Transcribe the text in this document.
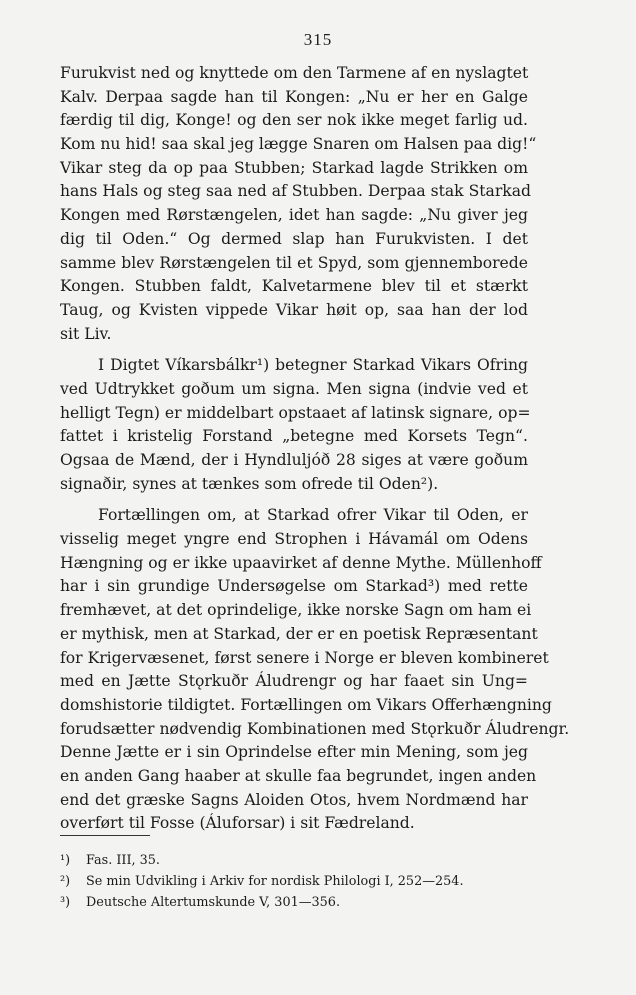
315

Furukvist ned og knyttede om den Tarmene af en nyslagtet
Kalv. Derpaa sagde han til Kongen: „Nu er her en Galge
færdig til dig, Konge! og den ser nok ikke meget farlig ud.
Kom nu hid! saa skal jeg lægge Snaren om Halsen paa dig!“
Vikar steg da op paa Stubben; Starkad lagde Strikken om
hans Hals og steg saa ned af Stubben. Derpaa stak Starkad
Kongen med Rørstængelen, idet han sagde: „Nu giver jeg
dig til Oden.“ Og dermed slap han Furukvisten. I det
samme blev Rørstængelen til et Spyd, som gjennemborede
Kongen. Stubben faldt, Kalvetarmene blev til et stærkt
Taug, og Kvisten vippede Vikar høit op, saa han der lod
sit Liv.

I Digtet Víkarsbálkr¹) betegner Starkad Vikars Ofring
ved Udtrykket goðum um signa. Men signa (indvie ved et
helligt Tegn) er middelbart opstaaet af latinsk signare, op=
fattet i kristelig Forstand „betegne med Korsets Tegn“.
Ogsaa de Mænd, der i Hyndluljóð 28 siges at være goðum
signaðir, synes at tænkes som ofrede til Oden²).

Fortællingen om, at Starkad ofrer Vikar til Oden, er
visselig meget yngre end Strophen i Hávamál om Odens
Hængning og er ikke upaavirket af denne Mythe. Müllenhoff
har i sin grundige Undersøgelse om Starkad³) med rette
fremhævet, at det oprindelige, ikke norske Sagn om ham ei
er mythisk, men at Starkad, der er en poetisk Repræsentant
for Krigervæsenet, først senere i Norge er bleven kombineret
med en Jætte Stǫrkuðr Áludrengr og har faaet sin Ung=
domshistorie tildigtet. Fortællingen om Vikars Offerhængning
forudsætter nødvendig Kombinationen med Stǫrkuðr Áludrengr.
Denne Jætte er i sin Oprindelse efter min Mening, som jeg
en anden Gang haaber at skulle faa begrundet, ingen anden
end det græske Sagns Aloiden Otos, hvem Nordmænd har
overført til Fosse (Áluforsar) i sit Fædreland.

¹)	Fas. III, 35.
²)	Se min Udvikling i Arkiv for nordisk Philologi I, 252—254.
³)	Deutsche Altertumskunde V, 301—356.
